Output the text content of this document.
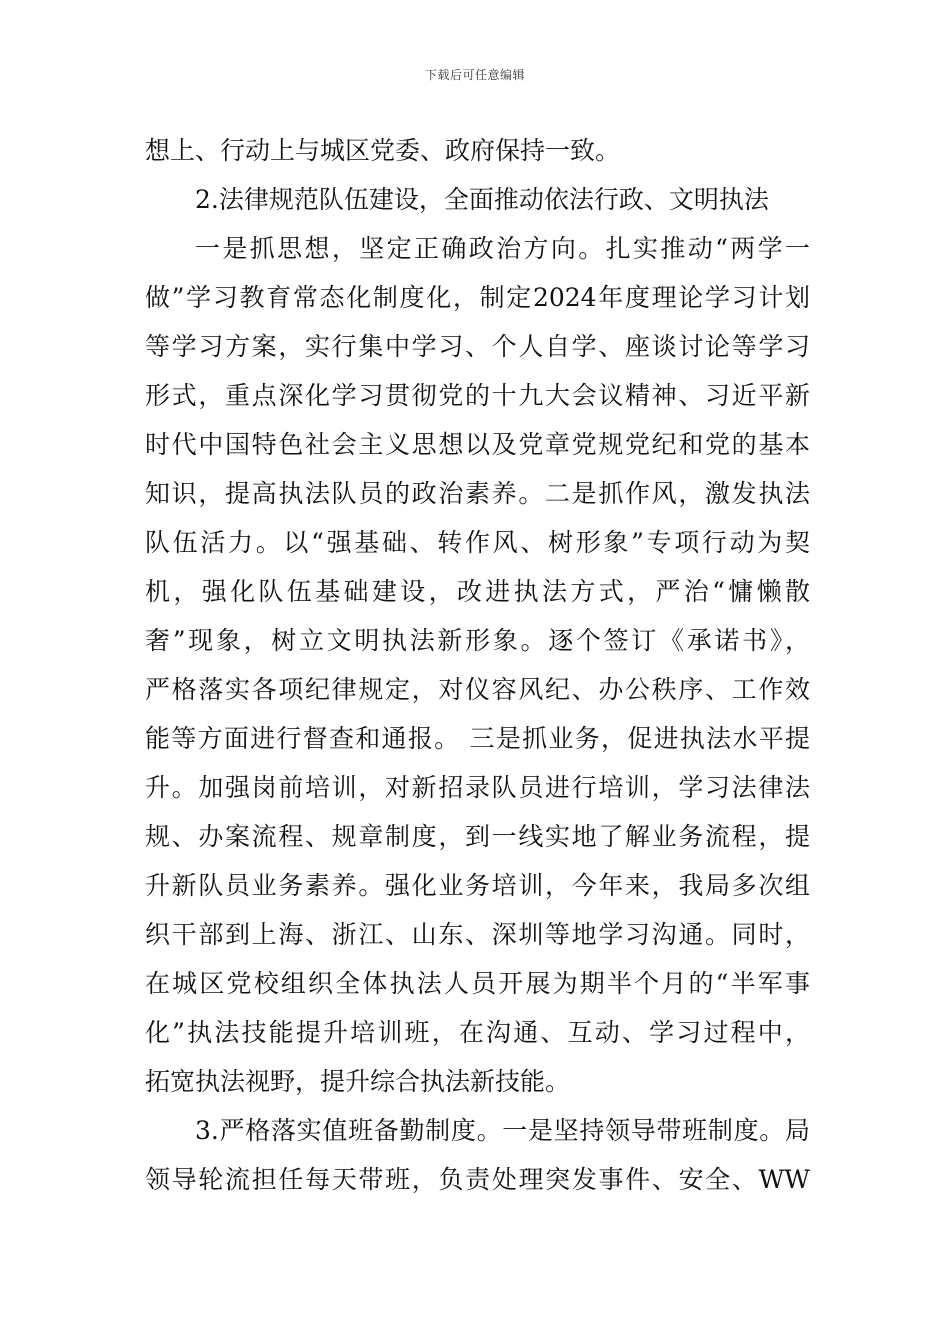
下载后可任意编辑
想上、行动上与城区党委、政府保持一致。
2.法律规范队伍建设，全面推动依法行政、文明执法
一是抓思想，坚定正确政治方向。扎实推动“两学一
做”学习教育常态化制度化，制定2024年度理论学习计划
等学习方案，实行集中学习、个人自学、座谈讨论等学习
形式，重点深化学习贯彻党的十九大会议精神、习近平新
时代中国特色社会主义思想以及党章党规党纪和党的基本
知识，提高执法队员的政治素养。二是抓作风，激发执法
队伍活力。以“强基础、转作风、树形象”专项行动为契
机，强化队伍基础建设，改进执法方式，严治“慵懒散
奢”现象，树立文明执法新形象。逐个签订《承诺书》，
严格落实各项纪律规定，对仪容风纪、办公秩序、工作效
能等方面进行督查和通报。 三是抓业务，促进执法水平提
升。加强岗前培训，对新招录队员进行培训，学习法律法
规、办案流程、规章制度，到一线实地了解业务流程，提
升新队员业务素养。强化业务培训，今年来，我局多次组
织干部到上海、浙江、山东、深圳等地学习沟通。同时，
在城区党校组织全体执法人员开展为期半个月的“半军事
化”执法技能提升培训班，在沟通、互动、学习过程中，
拓宽执法视野，提升综合执法新技能。
3.严格落实值班备勤制度。一是坚持领导带班制度。局
领导轮流担任每天带班，负责处理突发事件、安全、WW
